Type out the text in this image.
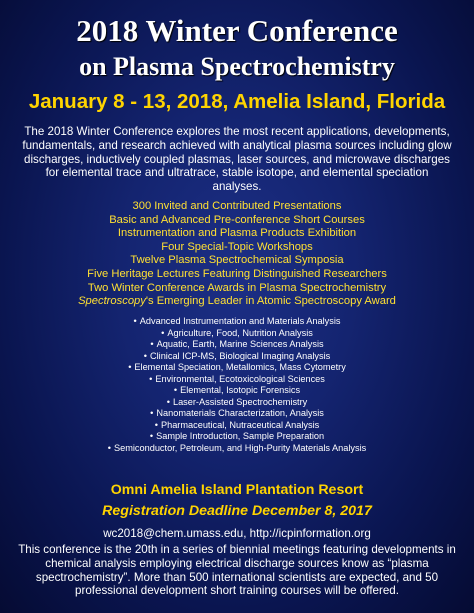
2018 Winter Conference
on Plasma Spectrochemistry
January 8 - 13, 2018, Amelia Island, Florida
The 2018 Winter Conference explores the most recent applications, developments, fundamentals, and research achieved with analytical plasma sources including glow discharges, inductively coupled plasmas, laser sources, and microwave discharges for elemental trace and ultratrace, stable isotope, and elemental speciation analyses.
300 Invited and Contributed Presentations
Basic and Advanced Pre-conference Short Courses
Instrumentation and Plasma Products Exhibition
Four Special-Topic Workshops
Twelve Plasma Spectrochemical Symposia
Five Heritage Lectures Featuring Distinguished Researchers
Two Winter Conference Awards in Plasma Spectrochemistry
Spectroscopy's Emerging Leader in Atomic Spectroscopy Award
• Advanced Instrumentation and Materials Analysis
• Agriculture, Food, Nutrition Analysis
• Aquatic, Earth, Marine Sciences Analysis
• Clinical ICP-MS, Biological Imaging Analysis
• Elemental Speciation, Metallomics, Mass Cytometry
• Environmental, Ecotoxicological Sciences
• Elemental, Isotopic Forensics
• Laser-Assisted Spectrochemistry
• Nanomaterials Characterization, Analysis
• Pharmaceutical, Nutraceutical Analysis
• Sample Introduction, Sample Preparation
• Semiconductor, Petroleum, and High-Purity Materials Analysis
Omni Amelia Island Plantation Resort
Registration Deadline December 8, 2017
wc2018@chem.umass.edu, http://icpinformation.org
This conference is the 20th in a series of biennial meetings featuring developments in chemical analysis employing electrical discharge sources know as “plasma spectrochemistry”. More than 500 international scientists are expected, and 50 professional development short training courses will be offered.
